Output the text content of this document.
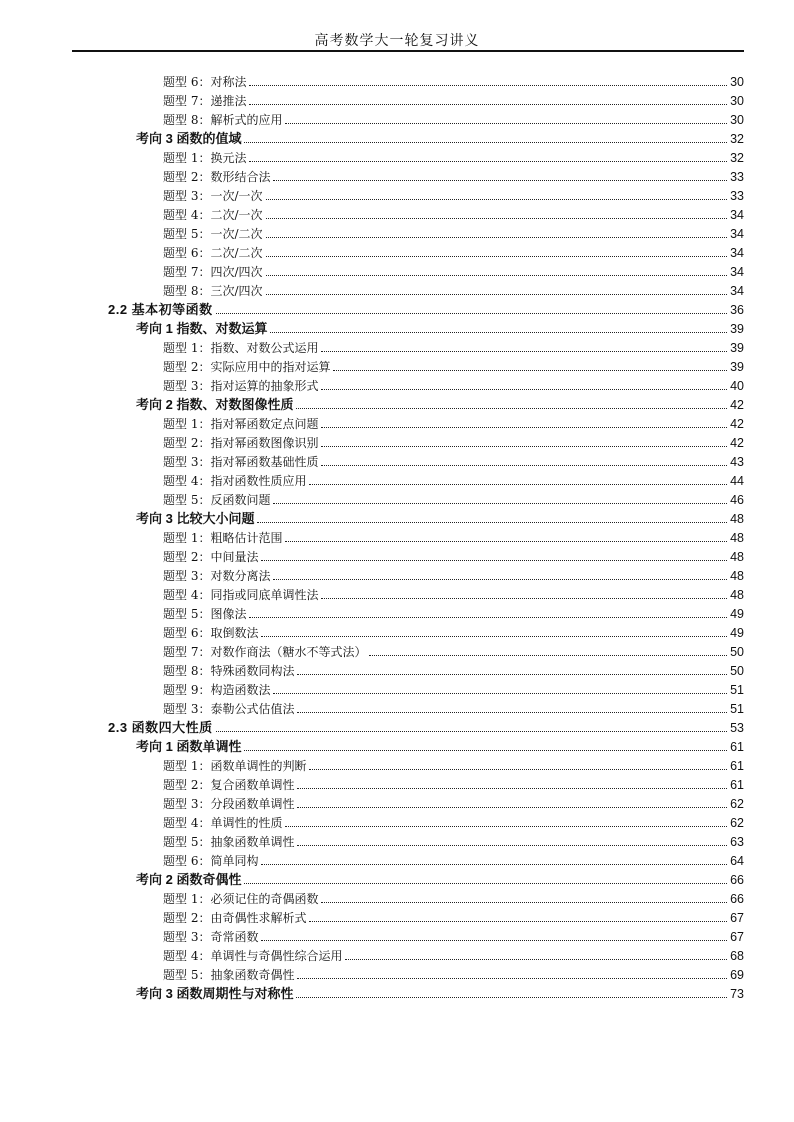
高考数学大一轮复习讲义
题型 6：对称法	30
题型 7：递推法	30
题型 8：解析式的应用	30
考向 3 函数的值域	32
题型 1：换元法	32
题型 2：数形结合法	33
题型 3：一次/一次	33
题型 4：二次/一次	34
题型 5：一次/二次	34
题型 6：二次/二次	34
题型 7：四次/四次	34
题型 8：三次/四次	34
2.2 基本初等函数	36
考向 1 指数、对数运算	39
题型 1：指数、对数公式运用	39
题型 2：实际应用中的指对运算	39
题型 3：指对运算的抽象形式	40
考向 2 指数、对数图像性质	42
题型 1：指对幂函数定点问题	42
题型 2：指对幂函数图像识别	42
题型 3：指对幂函数基础性质	43
题型 4：指对函数性质应用	44
题型 5：反函数问题	46
考向 3 比较大小问题	48
题型 1：粗略估计范围	48
题型 2：中间量法	48
题型 3：对数分离法	48
题型 4：同指或同底单调性法	48
题型 5：图像法	49
题型 6：取倒数法	49
题型 7：对数作商法（糖水不等式法）	50
题型 8：特殊函数同构法	50
题型 9：构造函数法	51
题型 3：泰勒公式估值法	51
2.3 函数四大性质	53
考向 1 函数单调性	61
题型 1：函数单调性的判断	61
题型 2：复合函数单调性	61
题型 3：分段函数单调性	62
题型 4：单调性的性质	62
题型 5：抽象函数单调性	63
题型 6：简单同构	64
考向 2 函数奇偶性	66
题型 1：必须记住的奇偶函数	66
题型 2：由奇偶性求解析式	67
题型 3：奇常函数	67
题型 4：单调性与奇偶性综合运用	68
题型 5：抽象函数奇偶性	69
考向 3 函数周期性与对称性	73
